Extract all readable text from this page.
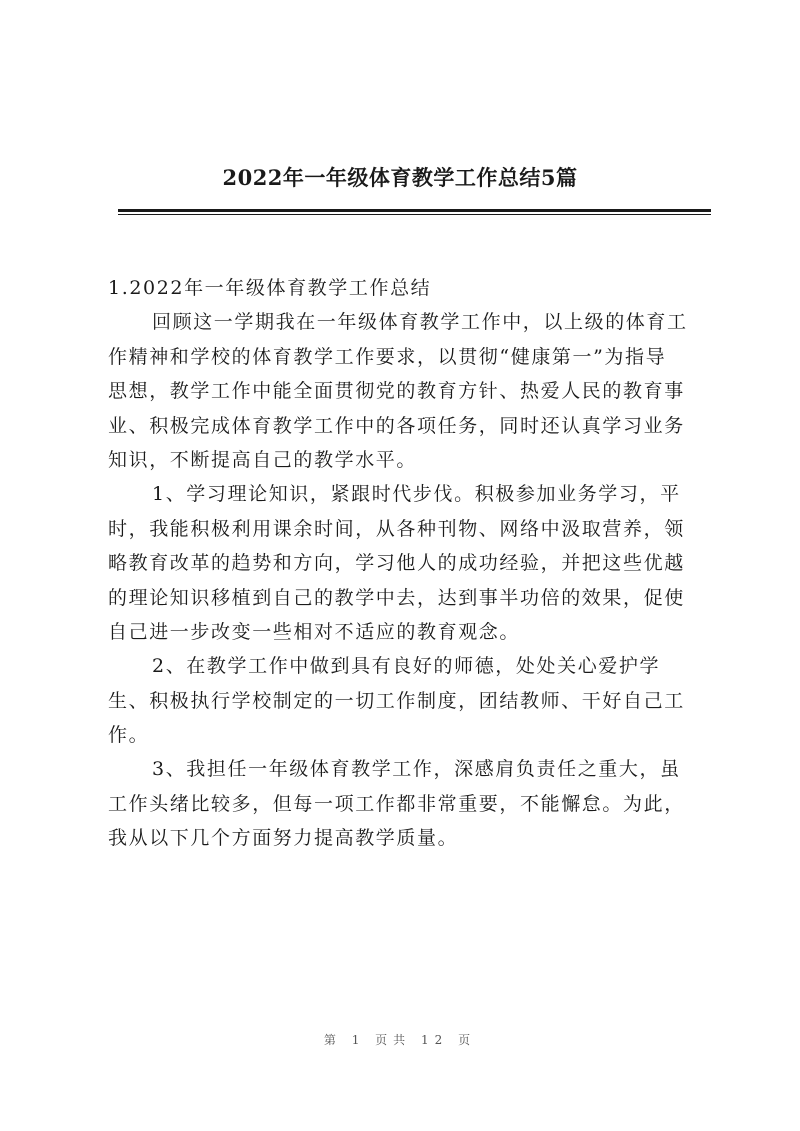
2022年一年级体育教学工作总结5篇
1.2022年一年级体育教学工作总结
回顾这一学期我在一年级体育教学工作中，以上级的体育工
作精神和学校的体育教学工作要求，以贯彻“健康第一”为指导
思想，教学工作中能全面贯彻党的教育方针、热爱人民的教育事
业、积极完成体育教学工作中的各项任务，同时还认真学习业务
知识，不断提高自己的教学水平。
1、学习理论知识，紧跟时代步伐。积极参加业务学习，平
时，我能积极利用课余时间，从各种刊物、网络中汲取营养，领
略教育改革的趋势和方向，学习他人的成功经验，并把这些优越
的理论知识移植到自己的教学中去，达到事半功倍的效果，促使
自己进一步改变一些相对不适应的教育观念。
2、在教学工作中做到具有良好的师德，处处关心爱护学
生、积极执行学校制定的一切工作制度，团结教师、干好自己工
作。
3、我担任一年级体育教学工作，深感肩负责任之重大，虽
工作头绪比较多，但每一项工作都非常重要，不能懈怠。为此，
我从以下几个方面努力提高教学质量。
第 1 页共 12 页
